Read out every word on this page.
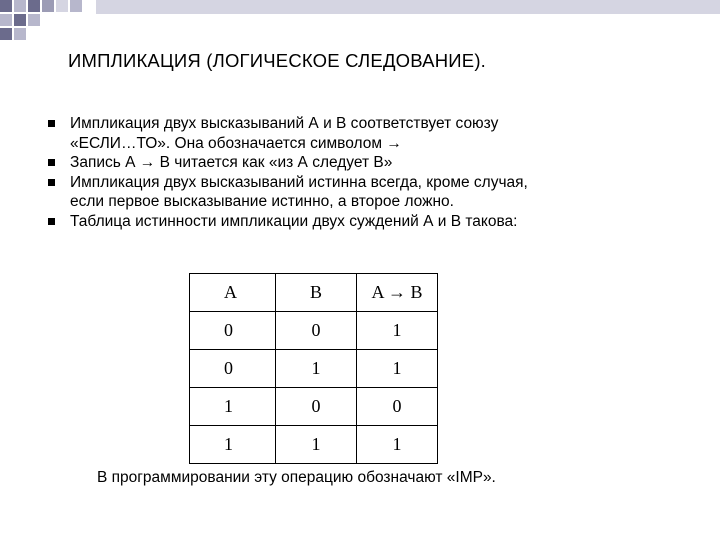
ИМПЛИКАЦИЯ (ЛОГИЧЕСКОЕ СЛЕДОВАНИЕ).
Импликация двух высказываний А и В соответствует союзу
«ЕСЛИ…ТО». Она обозначается символом →
Запись А → В читается как «из А следует В»
Импликация двух высказываний истинна всегда, кроме случая,
если первое высказывание истинно, а второе ложно.
Таблица истинности импликации двух суждений А и В такова:
A	B	A → B
0	0	1
0	1	1
1	0	0
1	1	1
В программировании эту операцию обозначают «IMP».
